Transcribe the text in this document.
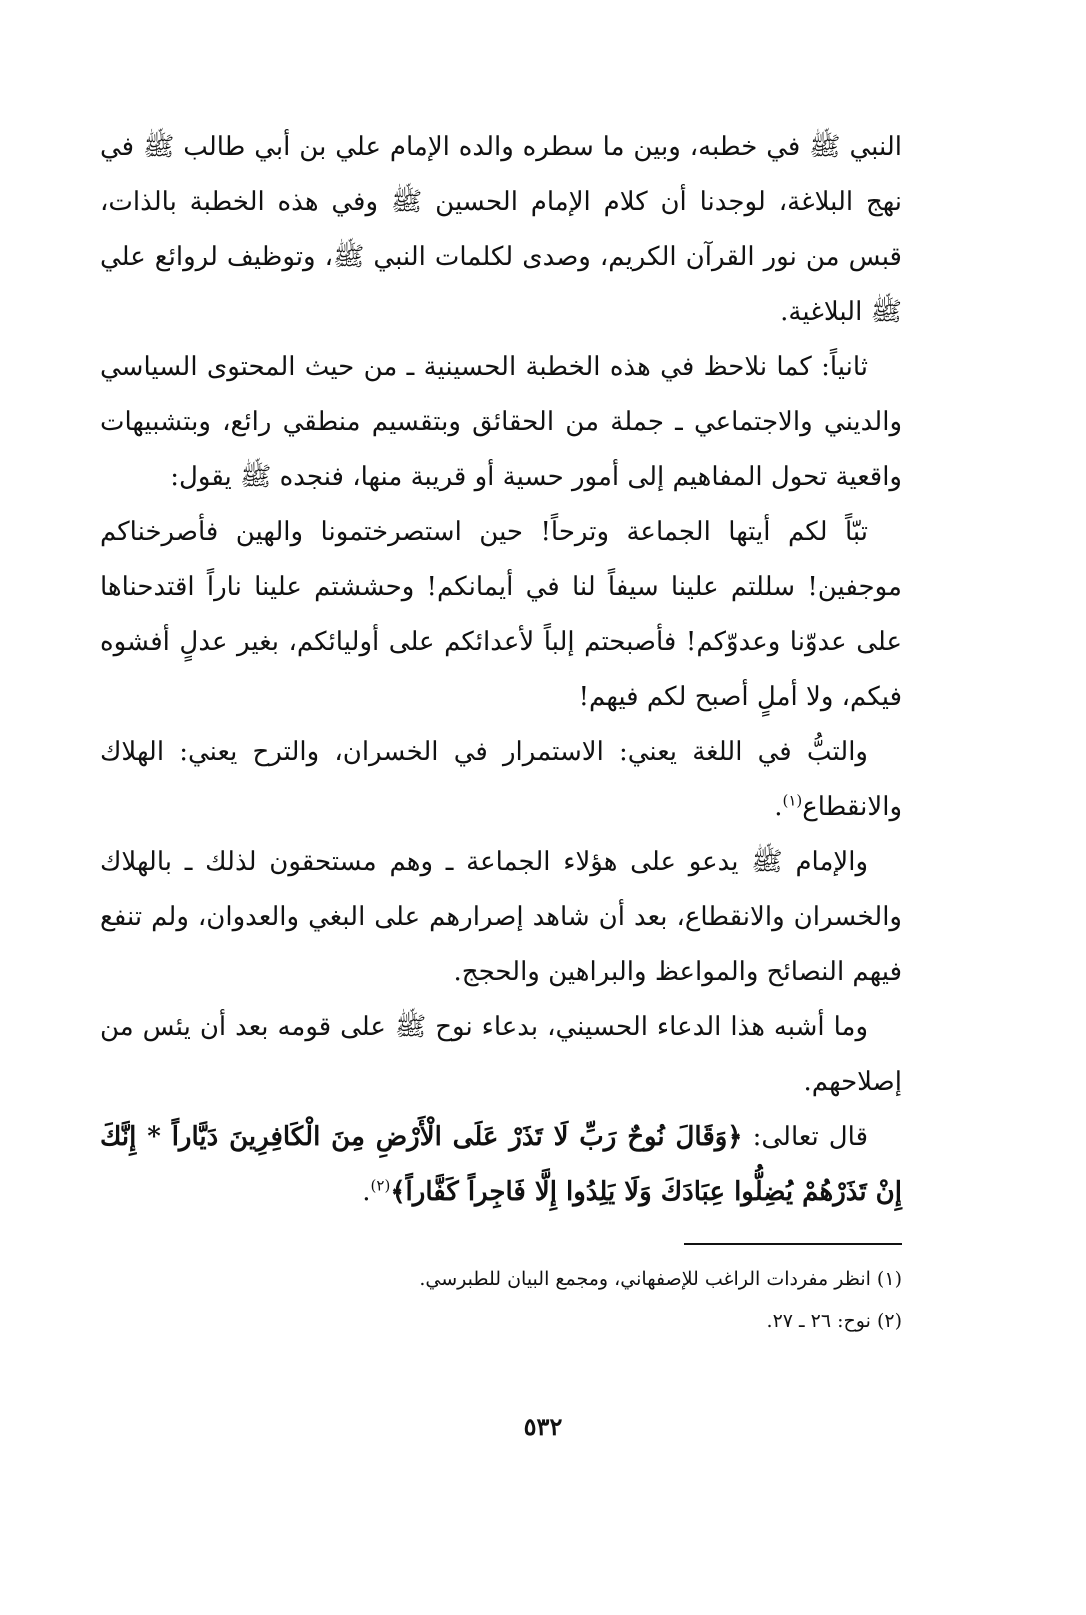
النبي ﷺ في خطبه، وبين ما سطره والده الإمام علي بن أبي طالب ﷺ في نهج البلاغة، لوجدنا أن كلام الإمام الحسين ﷺ وفي هذه الخطبة بالذات، قبس من نور القرآن الكريم، وصدى لكلمات النبي ﷺ، وتوظيف لروائع علي ﷺ البلاغية.

ثانياً: كما نلاحظ في هذه الخطبة الحسينية ـ من حيث المحتوى السياسي والديني والاجتماعي ـ جملة من الحقائق وبتقسيم منطقي رائع، وبتشبيهات واقعية تحول المفاهيم إلى أمور حسية أو قريبة منها، فنجده ﷺ يقول:

تبّاً لكم أيتها الجماعة وترحاً! حين استصرختمونا والهين فأصرخناكم موجفين! سللتم علينا سيفاً لنا في أيمانكم! وحششتم علينا ناراً اقتدحناها على عدوّنا وعدوّكم! فأصبحتم إلباً لأعدائكم على أوليائكم، بغير عدلٍ أفشوه فيكم، ولا أملٍ أصبح لكم فيهم!

والتبُّ في اللغة يعني: الاستمرار في الخسران، والترح يعني: الهلاك والانقطاع$^{(١)}$.

والإمام ﷺ يدعو على هؤلاء الجماعة ـ وهم مستحقون لذلك ـ بالهلاك والخسران والانقطاع، بعد أن شاهد إصرارهم على البغي والعدوان، ولم تنفع فيهم النصائح والمواعظ والبراهين والحجج.

وما أشبه هذا الدعاء الحسيني، بدعاء نوح ﷺ على قومه بعد أن يئس من إصلاحهم.

قال تعالى: ﴿وَقَالَ نُوحٌ رَبِّ لَا تَذَرْ عَلَى الْأَرْضِ مِنَ الْكَافِرِينَ دَيَّاراً * إِنَّكَ إِنْ تَذَرْهُمْ يُضِلُّوا عِبَادَكَ وَلَا يَلِدُوا إِلَّا فَاجِراً كَفَّاراً﴾$^{(٢)}$.

(١) انظر مفردات الراغب للإصفهاني، ومجمع البيان للطبرسي.

(٢) نوح: ٢٦ ـ ٢٧.

٥٣٢
